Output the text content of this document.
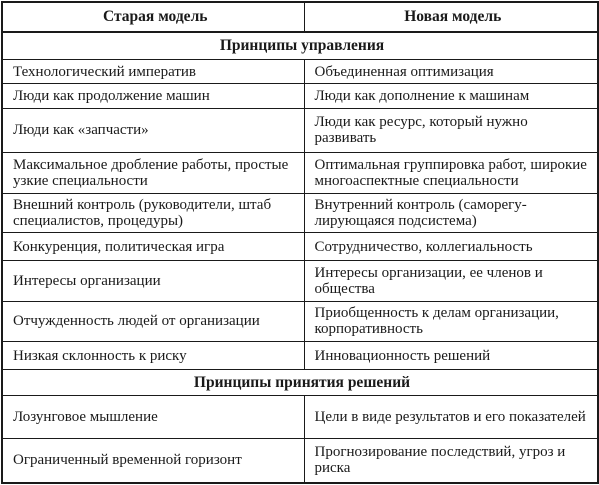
Старая модель	Новая модель
Принципы управления	
Технологический императив	Объединенная оптимизация
Люди как продолжение машин	Люди как дополнение к машинам
Люди как «запчасти»	Люди как ресурс, который нужно развивать
Максимальное дробление работы, простые узкие специальности	Оптимальная группировка работ, широкие многоаспектные специальности
Внешний контроль (руководители, штаб специалистов, процедуры)	Внутренний контроль (саморегулирующаяся подсистема)
Конкуренция, политическая игра	Сотрудничество, коллегиальность
Интересы организации	Интересы организации, ее членов и общества
Отчужденность людей от организации	Приобщенность к делам организации, корпоративность
Низкая склонность к риску	Инновационность решений
Принципы принятия решений	
Лозунговое мышление	Цели в виде результатов и его показателей
Ограниченный временной горизонт	Прогнозирование последствий, угроз и риска
